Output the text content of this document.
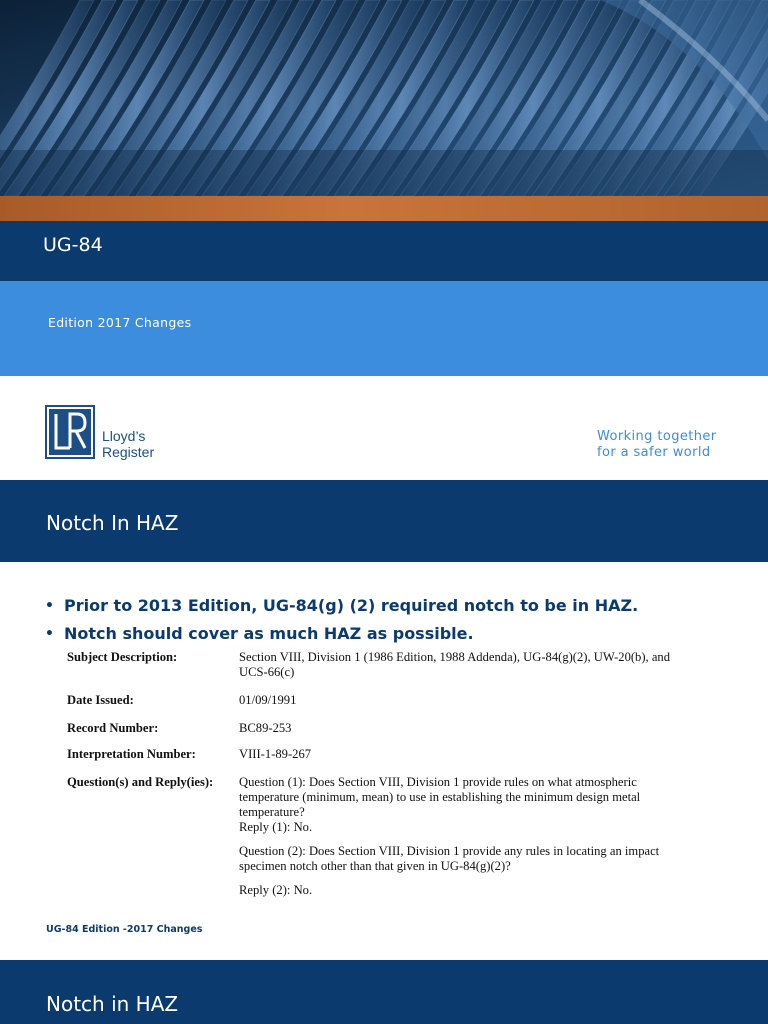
UG-84
Edition 2017 Changes
Lloyd’s
Register
Working together
for a safer world
Notch In HAZ
• Prior to 2013 Edition, UG-84(g) (2) required notch to be in HAZ.
• Notch should cover as much HAZ as possible.
Subject Description:	Section VIII, Division 1 (1986 Edition, 1988 Addenda), UG-84(g)(2), UW-20(b), and
UCS-66(c)
Date Issued:	01/09/1991
Record Number:	BC89-253
Interpretation Number:	VIII-1-89-267
Question(s) and Reply(ies):	Question (1): Does Section VIII, Division 1 provide rules on what atmospheric
temperature (minimum, mean) to use in establishing the minimum design metal
temperature?
Reply (1): No.
Question (2): Does Section VIII, Division 1 provide any rules in locating an impact
specimen notch other than that given in UG-84(g)(2)?
Reply (2): No.
UG-84 Edition -2017 Changes
Notch in HAZ
